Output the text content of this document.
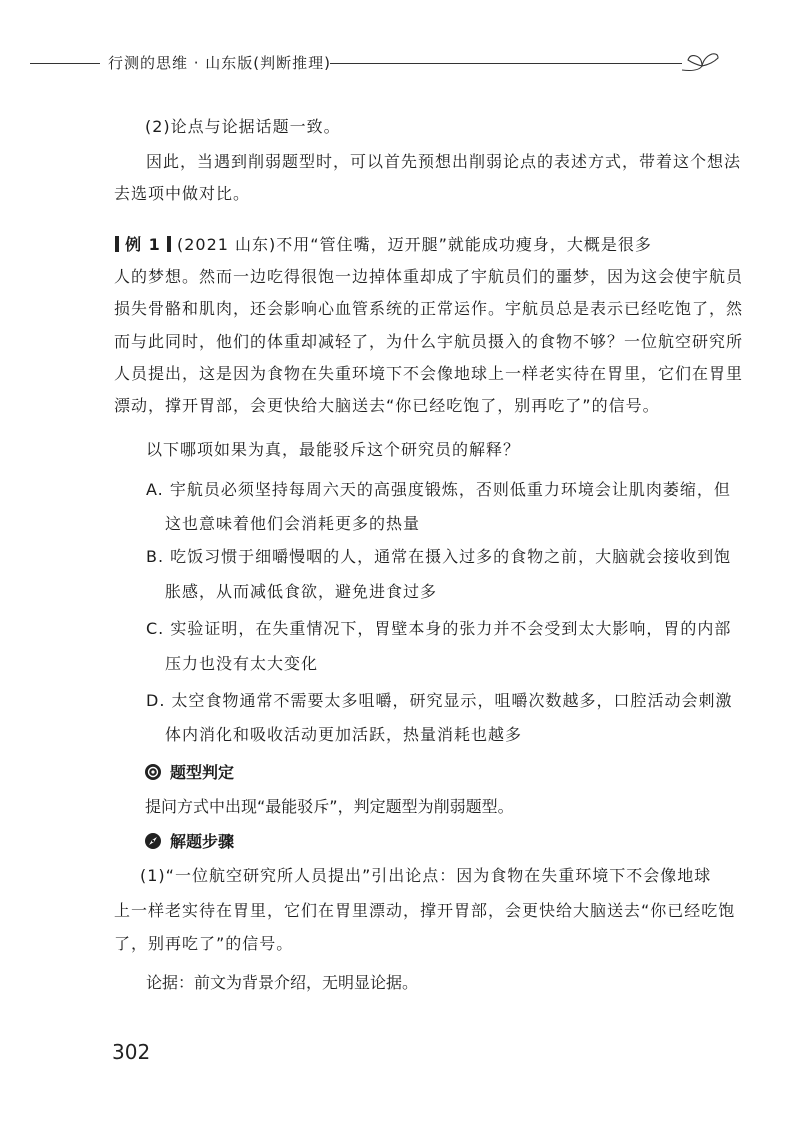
行测的思维 · 山东版(判断推理)
(2)论点与论据话题一致。
因此，当遇到削弱题型时，可以首先预想出削弱论点的表述方式，带着这个想法
去选项中做对比。
例 1 (2021 山东)不用“管住嘴，迈开腿”就能成功瘦身，大概是很多
人的梦想。然而一边吃得很饱一边掉体重却成了宇航员们的噩梦，因为这会使宇航员
损失骨骼和肌肉，还会影响心血管系统的正常运作。宇航员总是表示已经吃饱了，然
而与此同时，他们的体重却减轻了，为什么宇航员摄入的食物不够？一位航空研究所
人员提出，这是因为食物在失重环境下不会像地球上一样老实待在胃里，它们在胃里
漂动，撑开胃部，会更快给大脑送去“你已经吃饱了，别再吃了”的信号。
以下哪项如果为真，最能驳斥这个研究员的解释？
A. 宇航员必须坚持每周六天的高强度锻炼，否则低重力环境会让肌肉萎缩，但
这也意味着他们会消耗更多的热量
B. 吃饭习惯于细嚼慢咽的人，通常在摄入过多的食物之前，大脑就会接收到饱
胀感，从而减低食欲，避免进食过多
C. 实验证明，在失重情况下，胃壁本身的张力并不会受到太大影响，胃的内部
压力也没有太大变化
D. 太空食物通常不需要太多咀嚼，研究显示，咀嚼次数越多，口腔活动会刺激
体内消化和吸收活动更加活跃，热量消耗也越多
题型判定
提问方式中出现“最能驳斥”，判定题型为削弱题型。
解题步骤
(1)“一位航空研究所人员提出”引出论点：因为食物在失重环境下不会像地球
上一样老实待在胃里，它们在胃里漂动，撑开胃部，会更快给大脑送去“你已经吃饱
了，别再吃了”的信号。
论据：前文为背景介绍，无明显论据。
302
